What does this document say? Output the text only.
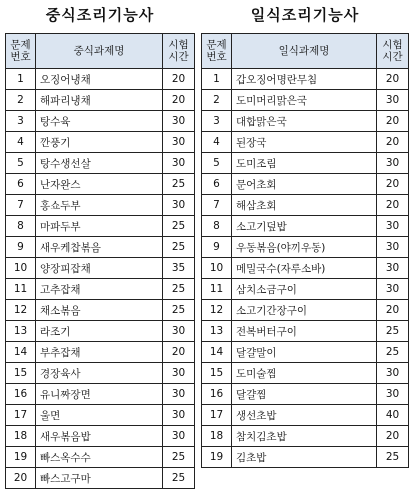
중식조리기능사
문제
번호	중식과제명	시험
시간
1	오징어냉채	20
2	해파리냉채	20
3	탕수육	30
4	깐풍기	30
5	탕수생선살	30
6	난자완스	25
7	홍쇼두부	30
8	마파두부	25
9	새우케찹볶음	25
10	양장피잡채	35
11	고추잡채	25
12	채소볶음	25
13	라조기	30
14	부추잡채	20
15	경장육사	30
16	유니짜장면	30
17	울면	30
18	새우볶음밥	30
19	빠스옥수수	25
20	빠스고구마	25
일식조리기능사
문제
번호	일식과제명	시험
시간
1	갑오징어명란무침	20
2	도미머리맑은국	30
3	대합맑은국	20
4	된장국	20
5	도미조림	30
6	문어초회	20
7	해삼초회	20
8	소고기덮밥	30
9	우동볶음(야끼우동)	30
10	메밀국수(자루소바)	30
11	삼치소금구이	30
12	소고기간장구이	20
13	전복버터구이	25
14	달걀말이	25
15	도미술찜	30
16	달걀찜	30
17	생선초밥	40
18	참치김초밥	20
19	김초밥	25
